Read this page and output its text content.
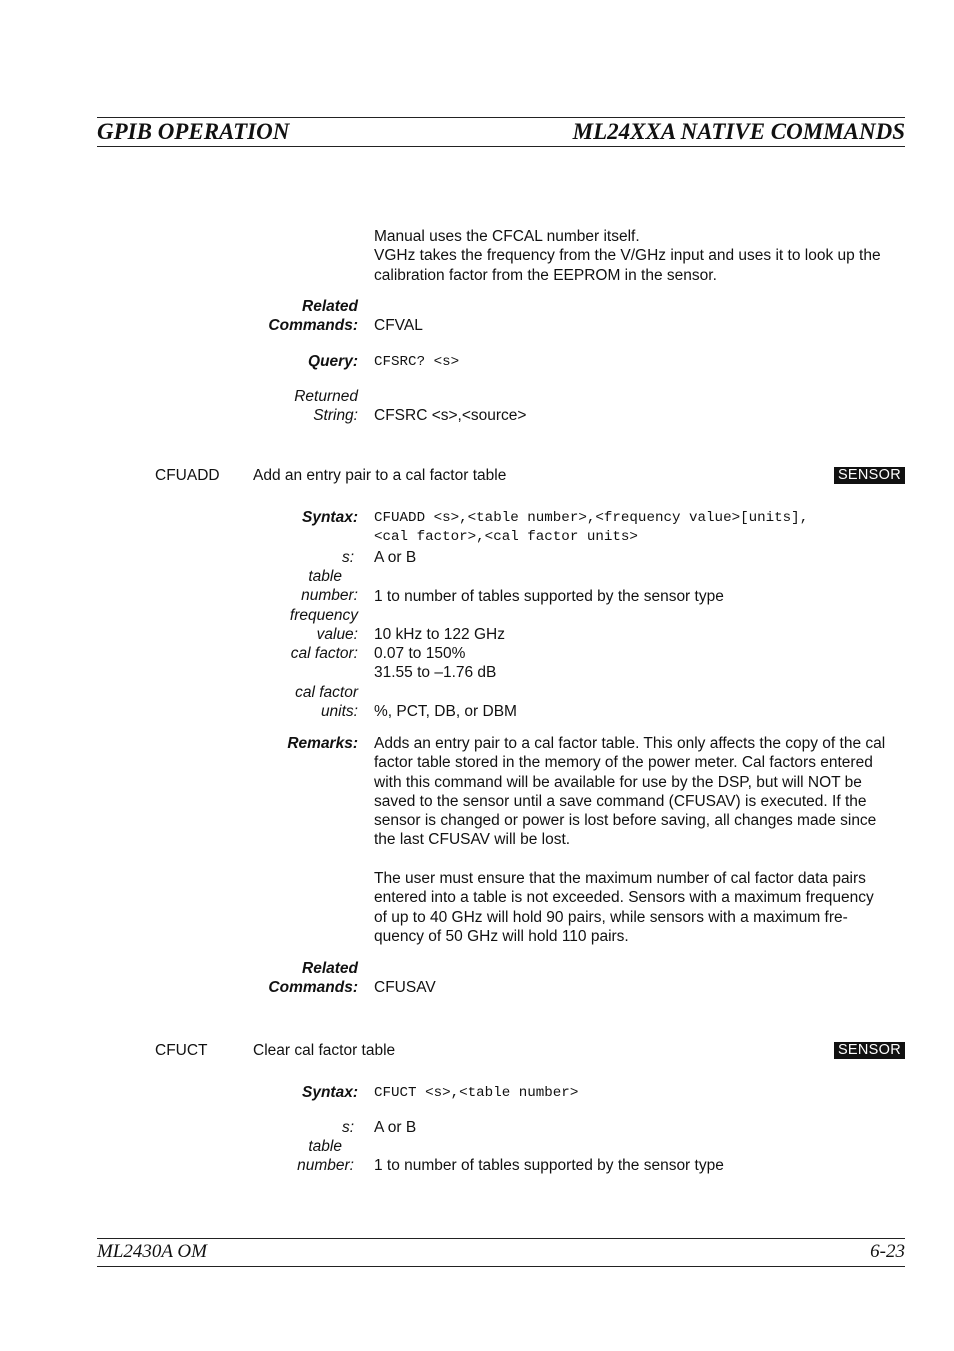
GPIB OPERATION	ML24XXA NATIVE COMMANDS
Manual uses the CFCAL number itself.
VGHz takes the frequency from the V/GHz input and uses it to look up the
calibration factor from the EEPROM in the sensor.
Related
Commands: CFVAL
Query: CFSRC? <s>
Returned
String: CFSRC <s>,<source>
CFUADD Add an entry pair to a cal factor table	SENSOR
Syntax: CFUADD <s>,<table number>,<frequency value>[units],
<cal factor>,<cal factor units>
s: A or B
table
number: 1 to number of tables supported by the sensor type
frequency
value: 10 kHz to 122 GHz
cal factor: 0.07 to 150%
31.55 to –1.76 dB
cal factor
units: %, PCT, DB, or DBM
Remarks: Adds an entry pair to a cal factor table. This only affects the copy of the cal
factor table stored in the memory of the power meter. Cal factors entered
with this command will be available for use by the DSP, but will NOT be
saved to the sensor until a save command (CFUSAV) is executed. If the
sensor is changed or power is lost before saving, all changes made since
the last CFUSAV will be lost.
The user must ensure that the maximum number of cal factor data pairs
entered into a table is not exceeded. Sensors with a maximum frequency
of up to 40 GHz will hold 90 pairs, while sensors with a maximum fre-
quency of 50 GHz will hold 110 pairs.
Related
Commands: CFUSAV
CFUCT	Clear cal factor table	SENSOR
Syntax: CFUCT <s>,<table number>
s: A or B
table
number: 1 to number of tables supported by the sensor type
ML2430A OM	6-23
